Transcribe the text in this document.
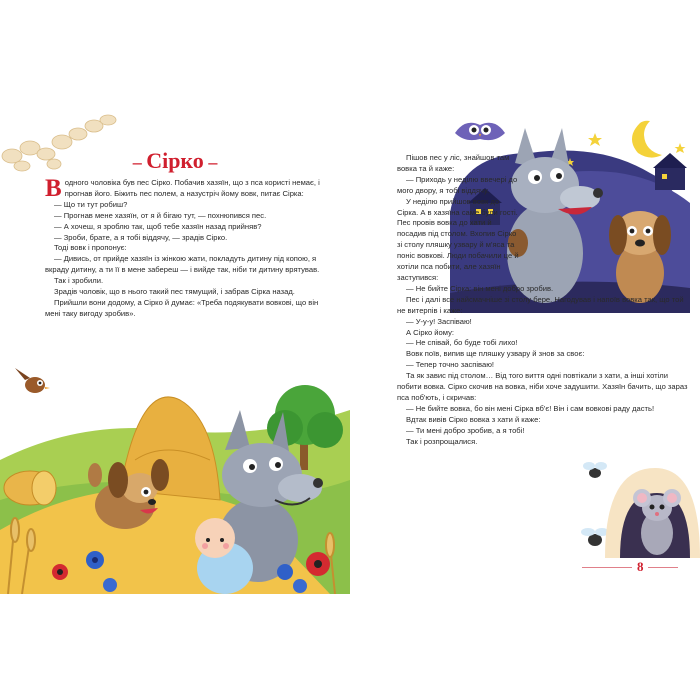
– Сірко –

Водного чоловіка був пес Сірко. Побачив хазяїн, що з пса користі немає, і прогнав його. Біжить пес полем, а назустріч йому вовк, питає Сірка:

— Що ти тут робиш?

— Прогнав мене хазяїн, от я й бігаю тут, — похнюпився пес.

— А хочеш, я зроблю так, щоб тебе хазяїн назад прийняв?

— Зроби, брате, а я тобі віддячу, — зрадів Сірко.

Тоді вовк і пропонує:

— Дивись, от прийде хазяїн із жінкою жати, покладуть дитину під копою, я вкраду дитину, а ти її в мене забереш — і вийде так, ніби ти дитину врятував.

Так і зробили.

Зрадів чоловік, що в нього такий пес тямущий, і забрав Сірка назад.

Прийшли вони додому, а Сірко й думає: «Треба подякувати вовкові, що він мені таку вигоду зробив».

Пішов пес у ліс, знайшов там вовка та й каже:

— Приходь у неділю ввечері до мого двору, я тобі віддячу.

У неділю прийшов вовк до Сірка. А в хазяїна саме були гості. Пес провів вовка до хати й посадив під столом. Вхопив Сірко зі столу пляшку узвару й м'яса та поніс вовкові. Люди побачили це й хотіли пса побити, але хазяїн заступився:

— Не бийте Сірка: він мені добро зробив.

Пес і далі все найсмачніше зі столу бере. Нагодував і напоїв вовка так, що той не витерпів і каже:

— У-у-у! Заспіваю!

А Сірко йому:

— Не співай, бо буде тобі лихо!

Вовк поїв, випив ще пляшку узвару й знов за своє:

— Тепер точно заспіваю!

Та як завис під столом… Від того виття одні повтікали з хати, а інші хотіли побити вовка. Сірко скочив на вовка, ніби хоче задушити. Хазяїн бачить, що зараз пса поб'ють, і скричав:

— Не бийте вовка, бо він мені Сірка вб'є! Він і сам вовкові раду дасть!

Вдтак вивів Сірко вовка з хати й каже:

— Ти мені добро зробив, а я тобі!

Так і розпрощалися.

8
